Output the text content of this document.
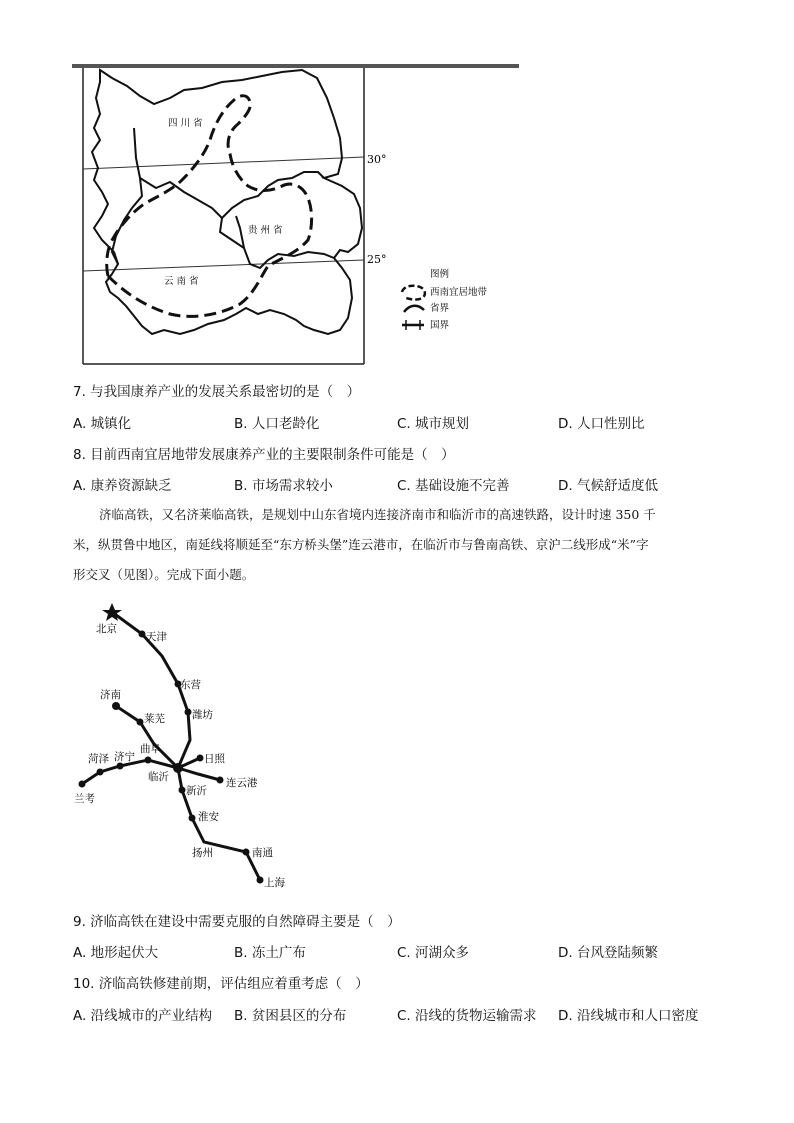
四 川 省
贵 州 省
云 南 省
30°
25°
图例
西南宜居地带
省界
国界
7. 与我国康养产业的发展关系最密切的是（　）
A. 城镇化	B. 人口老龄化	C. 城市规划	D. 人口性别比
8. 目前西南宜居地带发展康养产业的主要限制条件可能是（　）
A. 康养资源缺乏	B. 市场需求较小	C. 基础设施不完善	D. 气候舒适度低

济临高铁，又名济莱临高铁，是规划中山东省境内连接济南市和临沂市的高速铁路，设计时速 350 千

米，纵贯鲁中地区，南延线将顺延至“东方桥头堡”连云港市，在临沂市与鲁南高铁、京沪二线形成“米”字

形交叉（见图）。完成下面小题。

北京
天津
东营
潍坊
济南
莱芜
日照
菏泽 济宁
曲阜
临沂	连云港
兰考
新沂
淮安
扬州	南通
上海
9. 济临高铁在建设中需要克服的自然障碍主要是（　）
A. 地形起伏大	B. 冻土广布	C. 河湖众多	D. 台风登陆频繁
10. 济临高铁修建前期，评估组应着重考虑（　）
A. 沿线城市的产业结构 B. 贫困县区的分布	C. 沿线的货物运输需求 D. 沿线城市和人口密度
